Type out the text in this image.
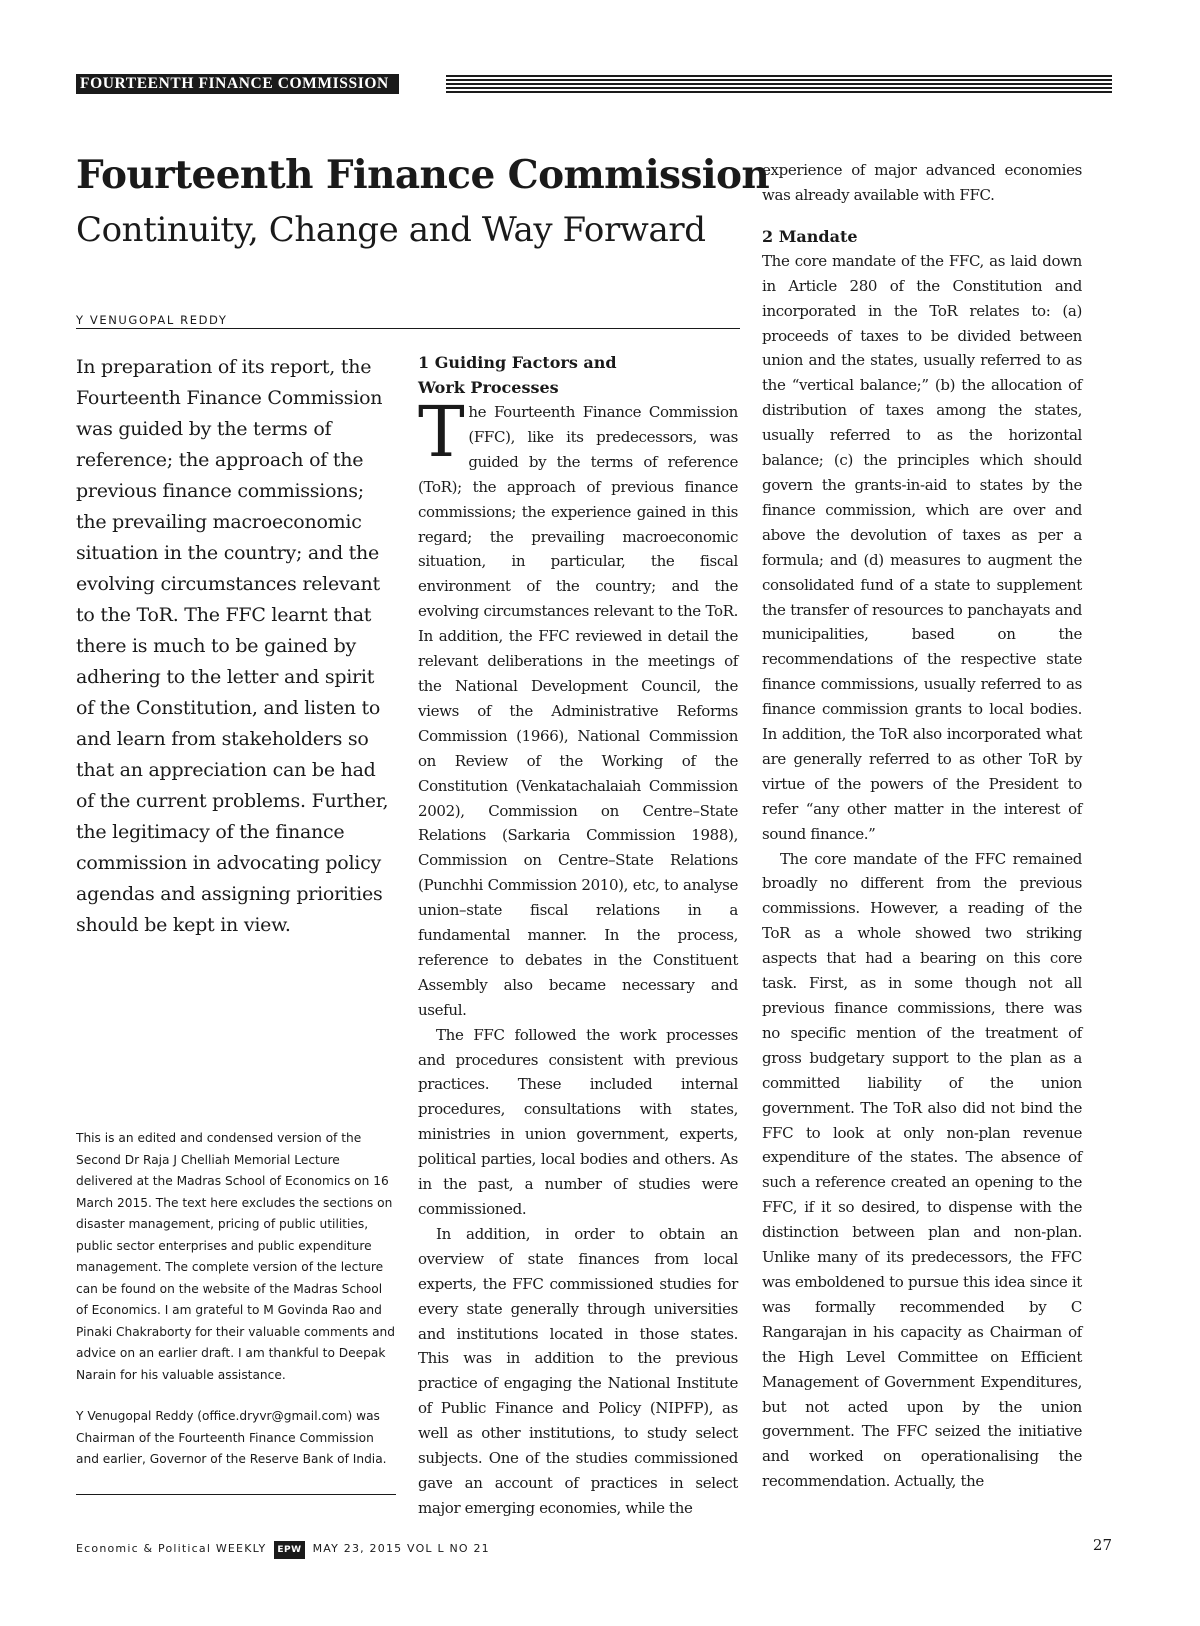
FOURTEENTH FINANCE COMMISSION
Fourteenth Finance Commission
Continuity, Change and Way Forward
Y VENUGOPAL REDDY

In preparation of its report, the Fourteenth Finance Commission was guided by the terms of reference; the approach of the previous finance commissions; the prevailing macroeconomic situation in the country; and the evolving circumstances relevant to the ToR. The FFC learnt that there is much to be gained by adhering to the letter and spirit of the Constitution, and listen to and learn from stakeholders so that an appreciation can be had of the current problems. Further, the legitimacy of the finance commission in advocating policy agendas and assigning priorities should be kept in view.

This is an edited and condensed version of the Second Dr Raja J Chelliah Memorial Lecture delivered at the Madras School of Economics on 16 March 2015. The text here excludes the sections on disaster management, pricing of public utilities, public sector enterprises and public expenditure management. The complete version of the lecture can be found on the website of the Madras School of Economics. I am grateful to M Govinda Rao and Pinaki Chakraborty for their valuable comments and advice on an earlier draft. I am thankful to Deepak Narain for his valuable assistance.

Y Venugopal Reddy (office.dryvr@gmail.com) was Chairman of the Fourteenth Finance Commission and earlier, Governor of the Reserve Bank of India.

1 Guiding Factors and
Work Processes

The Fourteenth Finance Commission (FFC), like its predecessors, was guided by the terms of reference (ToR); the approach of previous finance commissions; the experience gained in this regard; the prevailing macroeconomic situation, in particular, the fiscal environment of the country; and the evolving circumstances relevant to the ToR. In addition, the FFC reviewed in detail the relevant deliberations in the meetings of the National Development Council, the views of the Administrative Reforms Commission (1966), National Commission on Review of the Working of the Constitution (Venkatachalaiah Commission 2002), Commission on Centre–State Relations (Sarkaria Commission 1988), Commission on Centre–State Relations (Punchhi Commission 2010), etc, to analyse union–state fiscal relations in a fundamental manner. In the process, reference to debates in the Constituent Assembly also became necessary and useful.

The FFC followed the work processes and procedures consistent with previous practices. These included internal procedures, consultations with states, ministries in union government, experts, political parties, local bodies and others. As in the past, a number of studies were commissioned.

In addition, in order to obtain an overview of state finances from local experts, the FFC commissioned studies for every state generally through universities and institutions located in those states. This was in addition to the previous practice of engaging the National Institute of Public Finance and Policy (NIPFP), as well as other institutions, to study select subjects. One of the studies commissioned gave an account of practices in select major emerging economies, while the

experience of major advanced economies was already available with FFC.

2 Mandate

The core mandate of the FFC, as laid down in Article 280 of the Constitution and incorporated in the ToR relates to: (a) proceeds of taxes to be divided between union and the states, usually referred to as the “vertical balance;” (b) the allocation of distribution of taxes among the states, usually referred to as the horizontal balance; (c) the principles which should govern the grants-in-aid to states by the finance commission, which are over and above the devolution of taxes as per a formula; and (d) measures to augment the consolidated fund of a state to supplement the transfer of resources to panchayats and municipalities, based on the recommendations of the respective state finance commissions, usually referred to as finance commission grants to local bodies. In addition, the ToR also incorporated what are generally referred to as other ToR by virtue of the powers of the President to refer “any other matter in the interest of sound finance.”

The core mandate of the FFC remained broadly no different from the previous commissions. However, a reading of the ToR as a whole showed two striking aspects that had a bearing on this core task. First, as in some though not all previous finance commissions, there was no specific mention of the treatment of gross budgetary support to the plan as a committed liability of the union government. The ToR also did not bind the FFC to look at only non-plan revenue expenditure of the states. The absence of such a reference created an opening to the FFC, if it so desired, to dispense with the distinction between plan and non-plan. Unlike many of its predecessors, the FFC was emboldened to pursue this idea since it was formally recommended by C Rangarajan in his capacity as Chairman of the High Level Committee on Efficient Management of Government Expenditures, but not acted upon by the union government. The FFC seized the initiative and worked on operationalising the recommendation. Actually, the

Economic & Political WEEKLY EPW MAY 23, 2015 VOL L NO 21	27
